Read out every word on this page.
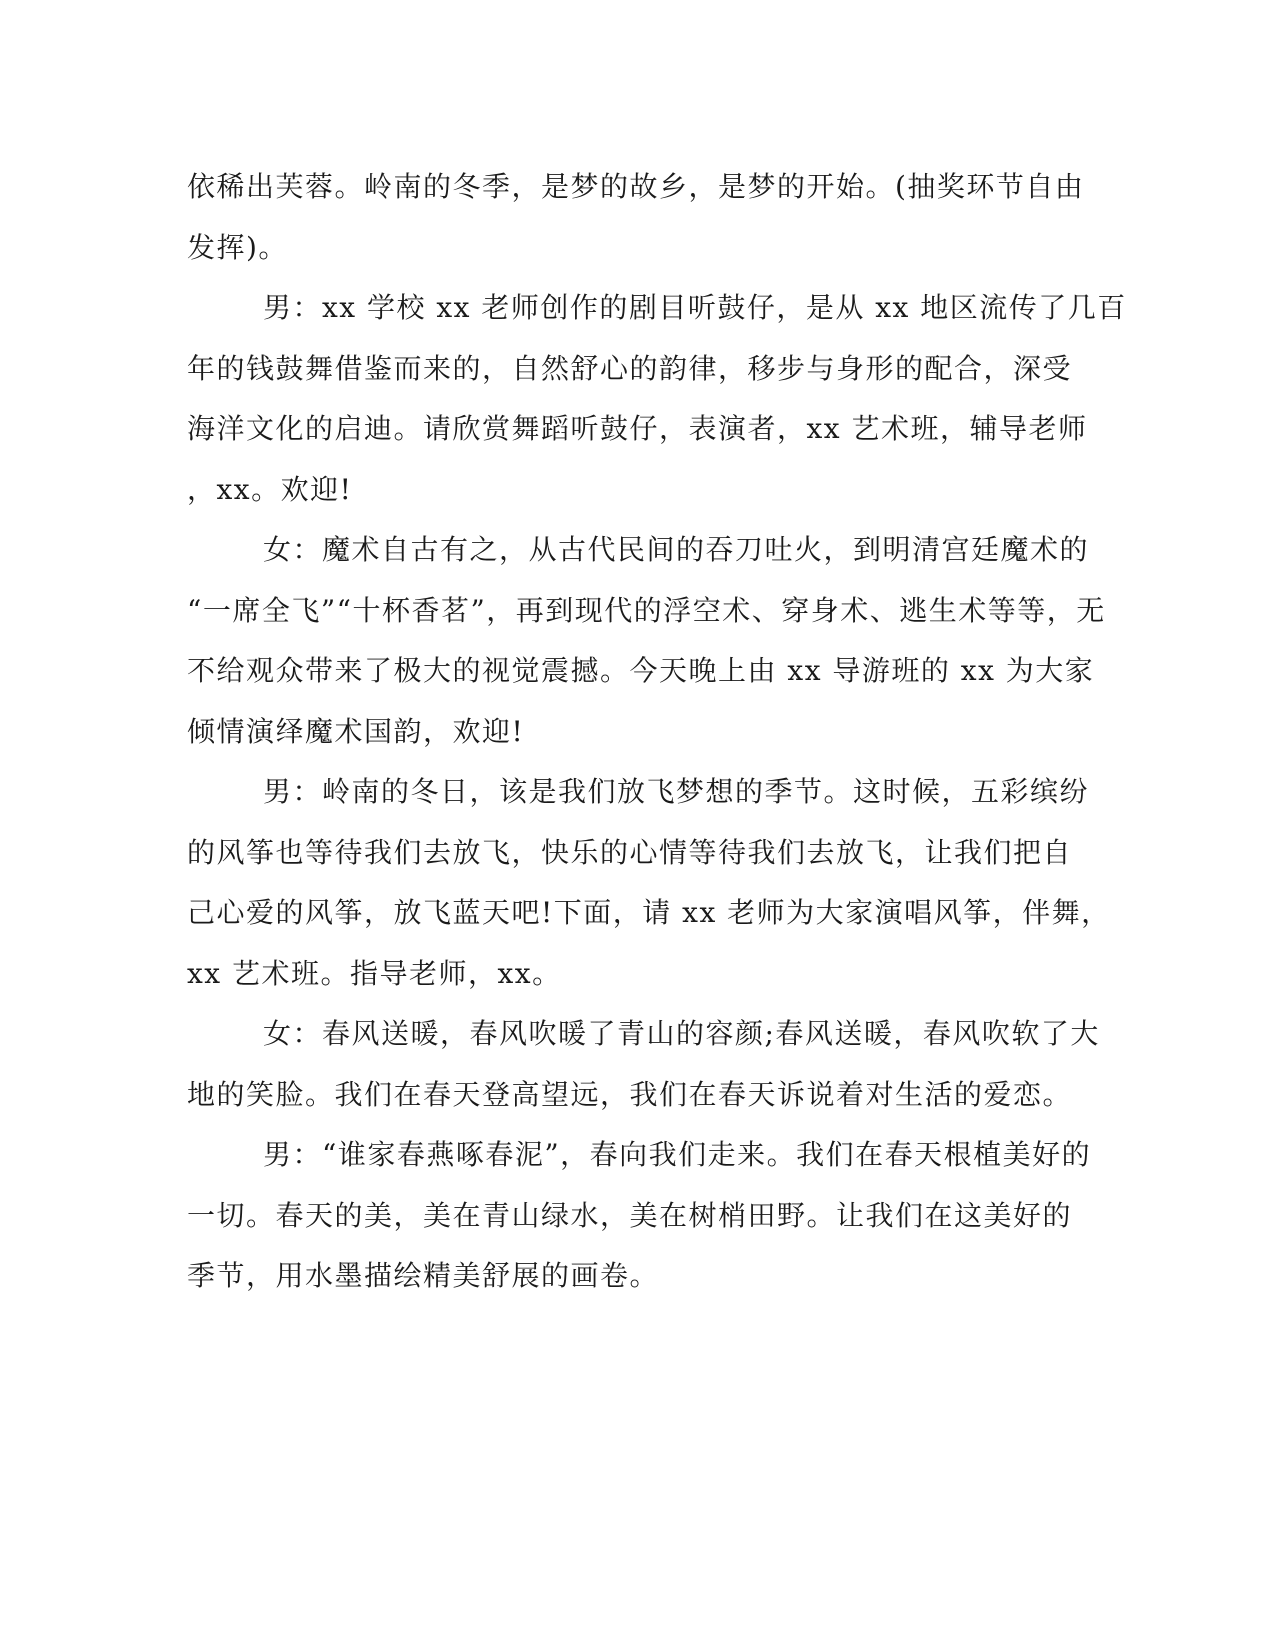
依稀出芙蓉。岭南的冬季，是梦的故乡，是梦的开始。(抽奖环节自由
发挥)。
男：xx 学校 xx 老师创作的剧目听鼓仔，是从 xx 地区流传了几百
年的钱鼓舞借鉴而来的，自然舒心的韵律，移步与身形的配合，深受
海洋文化的启迪。请欣赏舞蹈听鼓仔，表演者，xx 艺术班，辅导老师
，xx。欢迎!
女：魔术自古有之，从古代民间的吞刀吐火，到明清宫廷魔术的
“一席全飞”“十杯香茗”，再到现代的浮空术、穿身术、逃生术等等，无
不给观众带来了极大的视觉震撼。今天晚上由 xx 导游班的 xx 为大家
倾情演绎魔术国韵，欢迎!
男：岭南的冬日，该是我们放飞梦想的季节。这时候，五彩缤纷
的风筝也等待我们去放飞，快乐的心情等待我们去放飞，让我们把自
己心爱的风筝，放飞蓝天吧!下面，请 xx 老师为大家演唱风筝，伴舞，
xx 艺术班。指导老师，xx。
女：春风送暖，春风吹暖了青山的容颜;春风送暖，春风吹软了大
地的笑脸。我们在春天登高望远，我们在春天诉说着对生活的爱恋。
男：“谁家春燕啄春泥”，春向我们走来。我们在春天根植美好的
一切。春天的美，美在青山绿水，美在树梢田野。让我们在这美好的
季节，用水墨描绘精美舒展的画卷。
